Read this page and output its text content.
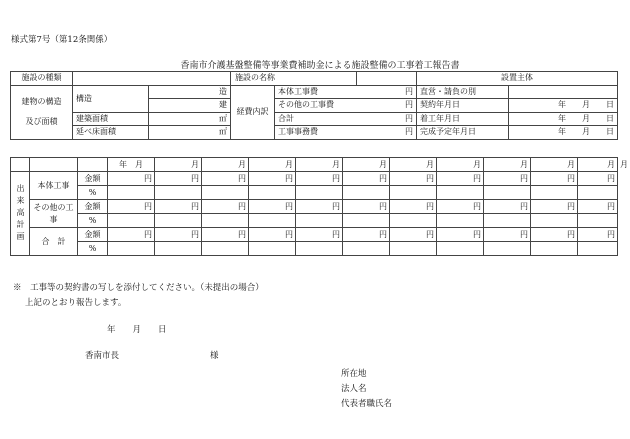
様式第7号（第12条関係）
香南市介護基盤整備等事業費補助金による施設整備の工事着工報告書
施設の種類			施設の名称			設置主体	

建物の構造
及び面積	構造	造	経費内訳	本体工事費	円	直営・請負の別	
		建		その他の工事費	円	契約年月日	年　　月　　日
	建築面積	㎡		合計	円	着工年月日	年　　月　　日
	延べ床面積	㎡		工事事務費	円	完成予定年月日	年　　月　　日
			年　月	月	月	月	月	月	月	月	月	月	月	月

出来高計画	本体工事	金額	円	円	円	円	円	円	円	円	円	円	円	
		%												
	その他の工事	金額	円	円	円	円	円	円	円	円	円	円	円	
		%												
	合　計	金額	円	円	円	円	円	円	円	円	円	円	円	
		%												
※　工事等の契約書の写しを添付してください。（未提出の場合）
上記のとおり報告します。
年　　月　　日
香南市長	様
所在地
法人名
代表者職氏名
